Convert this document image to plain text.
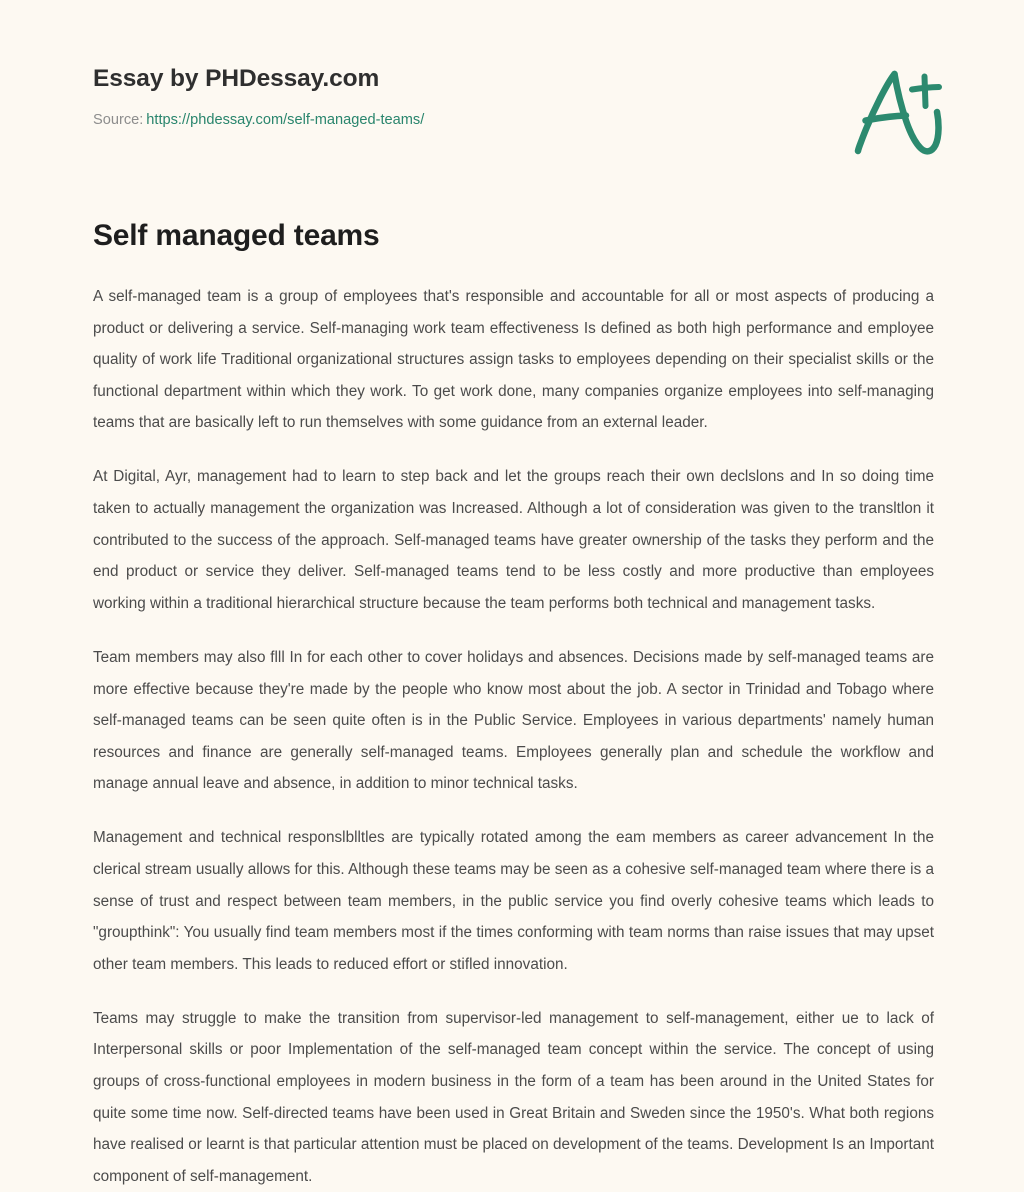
Essay by PHDessay.com
Source: https://phdessay.com/self-managed-teams/
Self managed teams

A self-managed team is a group of employees that's responsible and accountable for all or most aspects of producing a product or delivering a service. Self-managing work team effectiveness Is defined as both high performance and employee quality of work life Traditional organizational structures assign tasks to employees depending on their specialist skills or the functional department within which they work. To get work done, many companies organize employees into self-managing teams that are basically left to run themselves with some guidance from an external leader.

At Digital, Ayr, management had to learn to step back and let the groups reach their own declslons and In so doing time taken to actually management the organization was Increased. Although a lot of consideration was given to the transltlon it contributed to the success of the approach. Self-managed teams have greater ownership of the tasks they perform and the end product or service they deliver. Self-managed teams tend to be less costly and more productive than employees working within a traditional hierarchical structure because the team performs both technical and management tasks.

Team members may also flll In for each other to cover holidays and absences. Decisions made by self-managed teams are more effective because they're made by the people who know most about the job. A sector in Trinidad and Tobago where self-managed teams can be seen quite often is in the Public Service. Employees in various departments' namely human resources and finance are generally self-managed teams. Employees generally plan and schedule the workflow and manage annual leave and absence, in addition to minor technical tasks.

Management and technical responslblltles are typically rotated among the eam members as career advancement In the clerical stream usually allows for this. Although these teams may be seen as a cohesive self-managed team where there is a sense of trust and respect between team members, in the public service you find overly cohesive teams which leads to "groupthink": You usually find team members most if the times conforming with team norms than raise issues that may upset other team members. This leads to reduced effort or stifled innovation.

Teams may struggle to make the transition from supervisor-led management to self-management, either ue to lack of Interpersonal skills or poor Implementation of the self-managed team concept within the service. The concept of using groups of cross-functional employees in modern business in the form of a team has been around in the United States for quite some time now. Self-directed teams have been used in Great Britain and Sweden since the 1950's. What both regions have realised or learnt is that particular attention must be placed on development of the teams. Development Is an Important component of self-management.
